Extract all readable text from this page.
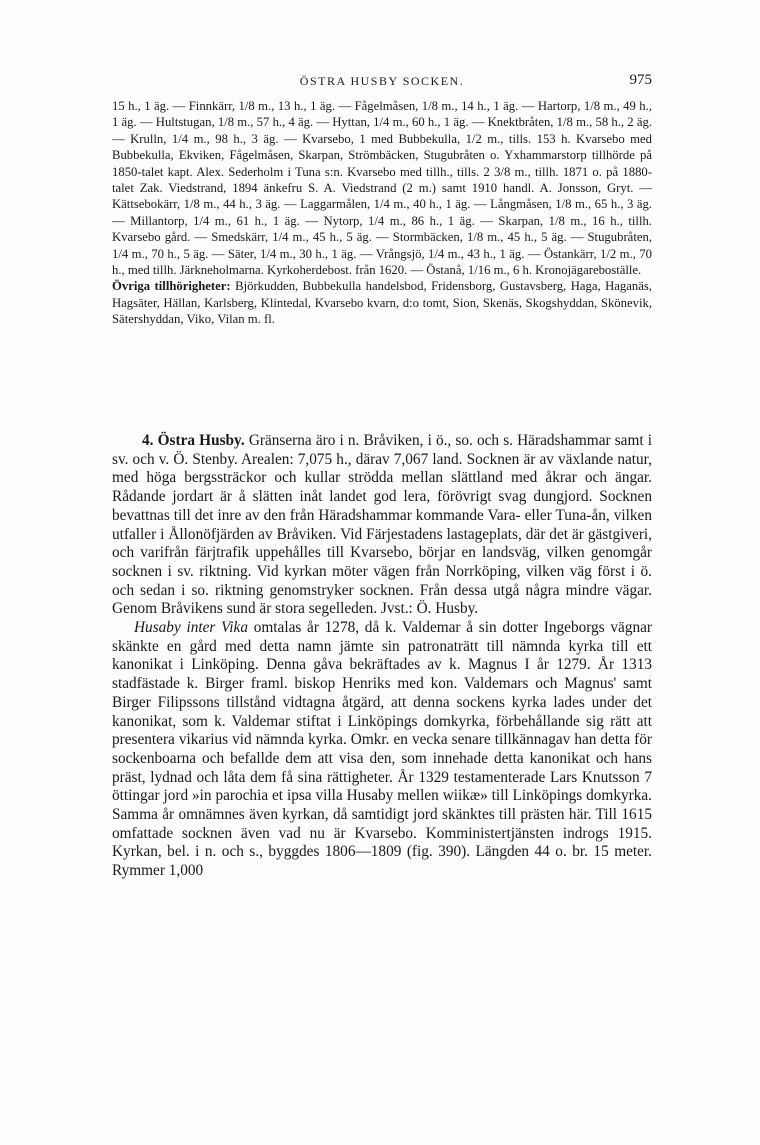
ÖSTRA HUSBY SOCKEN.	975

15 h., 1 äg. — Finnkärr, 1/8 m., 13 h., 1 äg. — Fågelmåsen, 1/8 m., 14 h., 1 äg. — Hartorp, 1/8 m., 49 h., 1 äg. — Hultstugan, 1/8 m., 57 h., 4 äg. — Hyttan, 1/4 m., 60 h., 1 äg. — Knektbråten, 1/8 m., 58 h., 2 äg. — Krulln, 1/4 m., 98 h., 3 äg. — Kvarsebo, 1 med Bubbekulla, 1/2 m., tills. 153 h. Kvarsebo med Bubbekulla, Ekviken, Fågelmåsen, Skarpan, Strömbäcken, Stugubråten o. Yxhammarstorp tillhörde på 1850-talet kapt. Alex. Sederholm i Tuna s:n. Kvarsebo med tillh., tills. 2 3/8 m., tillh. 1871 o. på 1880-talet Zak. Viedstrand, 1894 änkefru S. A. Viedstrand (2 m.) samt 1910 handl. A. Jonsson, Gryt. — Kättsebokärr, 1/8 m., 44 h., 3 äg. — Laggarmålen, 1/4 m., 40 h., 1 äg. — Långmåsen, 1/8 m., 65 h., 3 äg. — Millantorp, 1/4 m., 61 h., 1 äg. — Nytorp, 1/4 m., 86 h., 1 äg. — Skarpan, 1/8 m., 16 h., tillh. Kvarsebo gård. — Smedskärr, 1/4 m., 45 h., 5 äg. — Stormbäcken, 1/8 m., 45 h., 5 äg. — Stugubråten, 1/4 m., 70 h., 5 äg. — Säter, 1/4 m., 30 h., 1 äg. — Vrångsjö, 1/4 m., 43 h., 1 äg. — Östankärr, 1/2 m., 70 h., med tillh. Järkneholmarna. Kyrkoherdebost. från 1620. — Östanå, 1/16 m., 6 h. Kronojägareboställe.

Övriga tillhörigheter: Björkudden, Bubbekulla handelsbod, Fridensborg, Gustavsberg, Haga, Haganäs, Hagsäter, Hällan, Karlsberg, Klintedal, Kvarsebo kvarn, d:o tomt, Sion, Skenäs, Skogshyddan, Skönevik, Sätershyddan, Viko, Vilan m. fl.

4. Östra Husby. Gränserna äro i n. Bråviken, i ö., so. och s. Häradshammar samt i sv. och v. Ö. Stenby. Arealen: 7,075 h., därav 7,067 land. Socknen är av växlande natur, med höga bergssträckor och kullar strödda mellan slättland med åkrar och ängar. Rådande jordart är å slätten inåt landet god lera, förövrigt svag dungjord. Socknen bevattnas till det inre av den från Häradshammar kommande Vara- eller Tuna-ån, vilken utfaller i Ållonöfjärden av Bråviken. Vid Färjestadens lastageplats, där det är gästgiveri, och varifrån färjtrafik uppehålles till Kvarsebo, börjar en landsväg, vilken genomgår socknen i sv. riktning. Vid kyrkan möter vägen från Norrköping, vilken väg först i ö. och sedan i so. riktning genomstryker socknen. Från dessa utgå några mindre vägar. Genom Bråvikens sund är stora segelleden. Jvst.: Ö. Husby.

Husaby inter Vika omtalas år 1278, då k. Valdemar å sin dotter Ingeborgs vägnar skänkte en gård med detta namn jämte sin patronaträtt till nämnda kyrka till ett kanonikat i Linköping. Denna gåva bekräftades av k. Magnus I år 1279. År 1313 stadfästade k. Birger framl. biskop Henriks med kon. Valdemars och Magnus' samt Birger Filipssons tillstånd vidtagna åtgärd, att denna sockens kyrka lades under det kanonikat, som k. Valdemar stiftat i Linköpings domkyrka, förbehållande sig rätt att presentera vikarius vid nämnda kyrka. Omkr. en vecka senare tillkännagav han detta för sockenboarna och befallde dem att visa den, som innehade detta kanonikat och hans präst, lydnad och låta dem få sina rättigheter. År 1329 testamenterade Lars Knutsson 7 öttingar jord »in parochia et ipsa villa Husaby mellen wiikæ» till Linköpings domkyrka. Samma år omnämnes även kyrkan, då samtidigt jord skänktes till prästen här. Till 1615 omfattade socknen även vad nu är Kvarsebo. Komministertjänsten indrogs 1915. Kyrkan, bel. i n. och s., byggdes 1806—1809 (fig. 390). Längden 44 o. br. 15 meter. Rymmer 1,000
